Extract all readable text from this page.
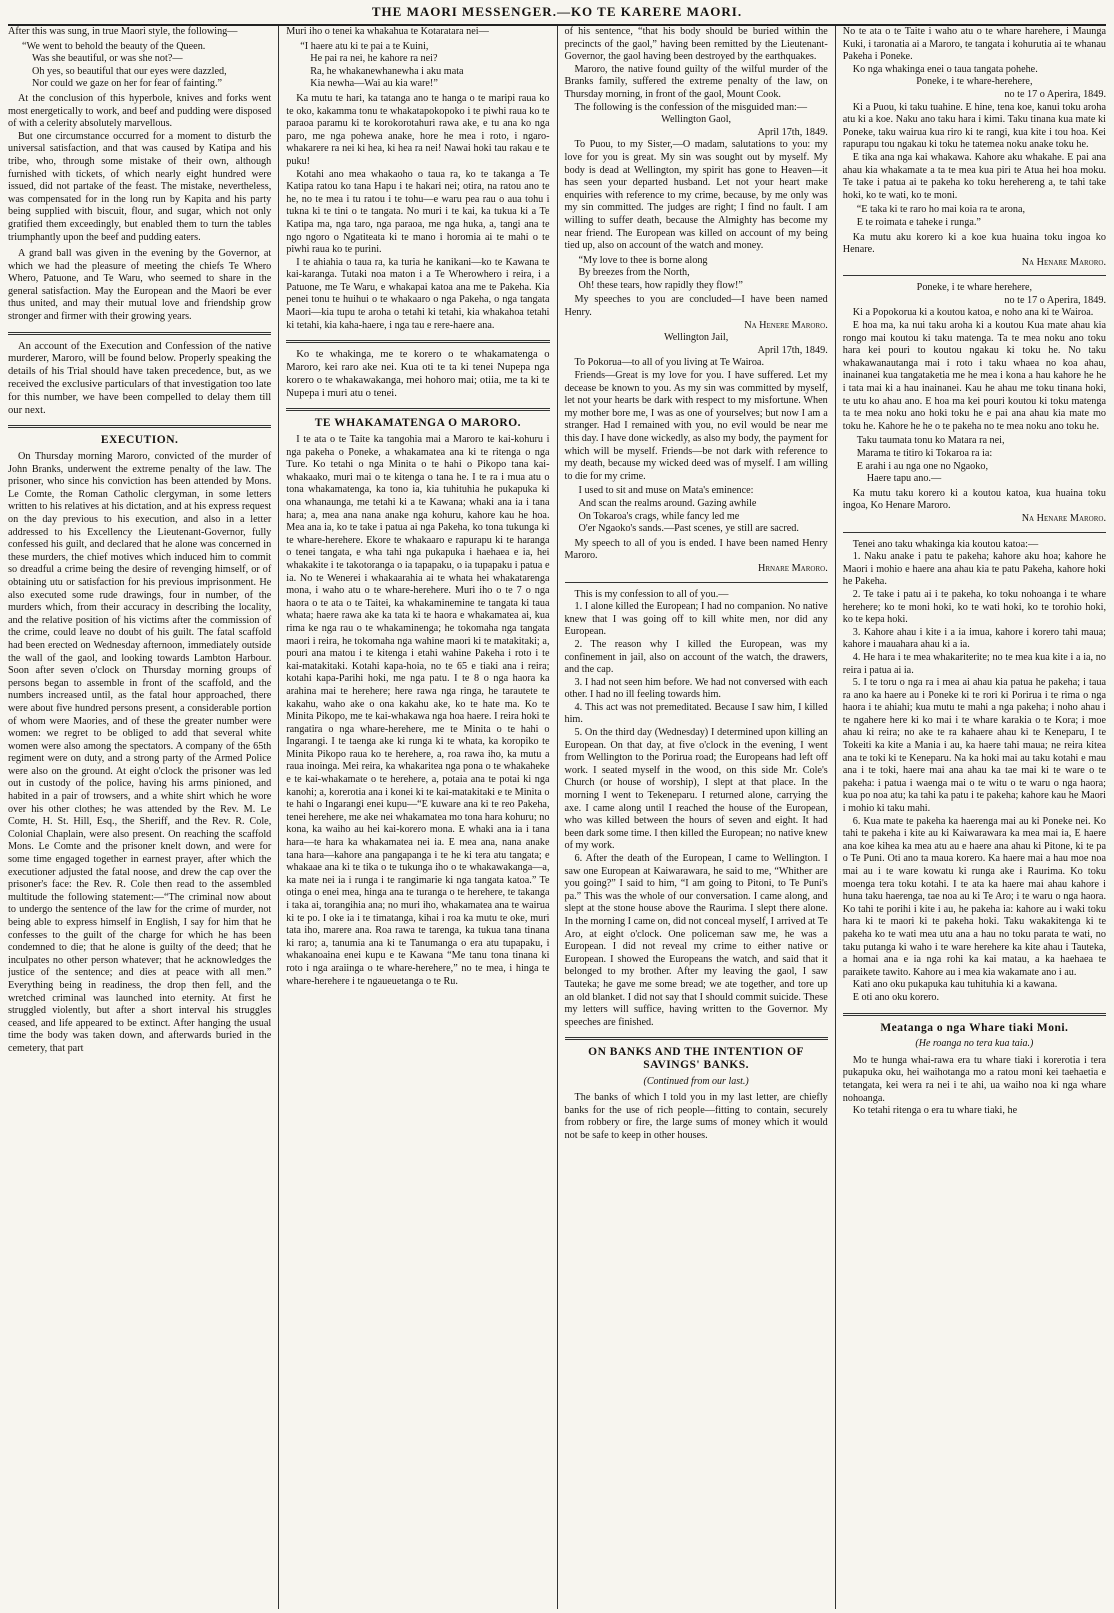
THE MAORI MESSENGER.—KO TE KARERE MAORI.

After this was sung, in true Maori style, the following—

“We went to behold the beauty of the Queen.
Was she beautiful, or was she not?—
Oh yes, so beautiful that our eyes were dazzled,
Nor could we gaze on her for fear of fainting.”

At the conclusion of this hyperbole, knives and forks went most energetically to work, and beef and pudding were disposed of with a celerity absolutely marvellous.

But one circumstance occurred for a moment to disturb the universal satisfaction, and that was caused by Katipa and his tribe, who, through some mistake of their own, although furnished with tickets, of which nearly eight hundred were issued, did not partake of the feast. The mistake, nevertheless, was compensated for in the long run by Kapita and his party being supplied with biscuit, flour, and sugar, which not only gratified them exceedingly, but enabled them to turn the tables triumphantly upon the beef and pudding eaters.

A grand ball was given in the evening by the Governor, at which we had the pleasure of meeting the chiefs Te Whero Whero, Patuone, and Te Waru, who seemed to share in the general satisfaction. May the European and the Maori be ever thus united, and may their mutual love and friendship grow stronger and firmer with their growing years.

An account of the Execution and Confession of the native murderer, Maroro, will be found below. Properly speaking the details of his Trial should have taken precedence, but, as we received the exclusive particulars of that investigation too late for this number, we have been compelled to delay them till our next.

EXECUTION.

On Thursday morning Maroro, convicted of the murder of John Branks, underwent the extreme penalty of the law. The prisoner, who since his conviction has been attended by Mons. Le Comte, the Roman Catholic clergyman, in some letters written to his relatives at his dictation, and at his express request on the day previous to his execution, and also in a letter addressed to his Excellency the Lieutenant-Governor, fully confessed his guilt, and declared that he alone was concerned in these murders, the chief motives which induced him to commit so dreadful a crime being the desire of revenging himself, or of obtaining utu or satisfaction for his previous imprisonment. He also executed some rude drawings, four in number, of the murders which, from their accuracy in describing the locality, and the relative position of his victims after the commission of the crime, could leave no doubt of his guilt. The fatal scaffold had been erected on Wednesday afternoon, immediately outside the wall of the gaol, and looking towards Lambton Harbour. Soon after seven o'clock on Thursday morning groups of persons began to assemble in front of the scaffold, and the numbers increased until, as the fatal hour approached, there were about five hundred persons present, a considerable portion of whom were Maories, and of these the greater number were women: we regret to be obliged to add that several white women were also among the spectators. A company of the 65th regiment were on duty, and a strong party of the Armed Police were also on the ground. At eight o'clock the prisoner was led out in custody of the police, having his arms pinioned, and habited in a pair of trowsers, and a white shirt which he wore over his other clothes; he was attended by the Rev. M. Le Comte, H. St. Hill, Esq., the Sheriff, and the Rev. R. Cole, Colonial Chaplain, were also present. On reaching the scaffold Mons. Le Comte and the prisoner knelt down, and were for some time engaged together in earnest prayer, after which the executioner adjusted the fatal noose, and drew the cap over the prisoner's face: the Rev. R. Cole then read to the assembled multitude the following statement:—“The criminal now about to undergo the sentence of the law for the crime of murder, not being able to express himself in English, I say for him that he confesses to the guilt of the charge for which he has been condemned to die; that he alone is guilty of the deed; that he inculpates no other person whatever; that he acknowledges the justice of the sentence; and dies at peace with all men.” Everything being in readiness, the drop then fell, and the wretched criminal was launched into eternity. At first he struggled violently, but after a short interval his struggles ceased, and life appeared to be extinct. After hanging the usual time the body was taken down, and afterwards buried in the cemetery, that part

Muri iho o tenei ka whakahua te Kotaratara nei—

“I haere atu ki te pai a te Kuini,
He pai ra nei, he kahore ra nei?
Ra, he whakanewhanewha i aku mata
Kia newha—Wai au kia ware!”

Ka mutu te hari, ka tatanga ano te hanga o te maripi raua ko te oko, kakamma tonu te whakatapokopoko i te piwhi raua ko te paraoa paramu ki te korokorotahuri rawa ake, e tu ana ko nga paro, me nga pohewa anake, hore he mea i roto, i ngaro-whakarere ra nei ki hea, ki hea ra nei! Nawai hoki tau rakau e te puku!

Kotahi ano mea whakaoho o taua ra, ko te takanga a Te Katipa ratou ko tana Hapu i te hakari nei; otira, na ratou ano te he, no te mea i tu ratou i te tohu—e waru pea rau o aua tohu i tukna ki te tini o te tangata. No muri i te kai, ka tukua ki a Te Katipa ma, nga taro, nga paraoa, me nga huka, a, tangi ana te ngo ngoro o Ngatiteata ki te mano i horomia ai te mahi o te piwhi raua ko te purini.

I te ahiahia o taua ra, ka turia he kanikani—ko te Kawana te kai-karanga. Tutaki noa maton i a Te Wherowhero i reira, i a Patuone, me Te Waru, e whakapai katoa ana me te Pakeha. Kia penei tonu te huihui o te whakaaro o nga Pakeha, o nga tangata Maori—kia tupu te aroha o tetahi ki tetahi, kia whakahoa tetahi ki tetahi, kia kaha-haere, i nga tau e rere-haere ana.

Ko te whakinga, me te korero o te whakamatenga o Maroro, kei raro ake nei. Kua oti te ta ki tenei Nupepa nga korero o te whakawakanga, mei hohoro mai; otiia, me ta ki te Nupepa i muri atu o tenei.

TE WHAKAMATENGA O MARORO.

I te ata o te Taite ka tangohia mai a Maroro te kai-kohuru i nga pakeha o Poneke, a whakamatea ana ki te ritenga o nga Ture. Ko tetahi o nga Minita o te hahi o Pikopo tana kai-whakaako, muri mai o te kitenga o tana he. I te ra i mua atu o tona whakamatenga, ka tono ia, kia tuhituhia he pukapuka ki ona whanaunga, me tetahi ki a te Kawana; whaki ana ia i tana hara; a, mea ana nana anake nga kohuru, kahore kau he hoa. Mea ana ia, ko te take i patua ai nga Pakeha, ko tona tukunga ki te whare-herehere. Ekore te whakaaro e rapurapu ki te haranga o tenei tangata, e wha tahi nga pukapuka i haehaea e ia, hei whakakite i te takotoranga o ia tapapaku, o ia tupapaku i patua e ia. No te Wenerei i whakaarahia ai te whata hei whakatarenga mona, i waho atu o te whare-herehere. Muri iho o te 7 o nga haora o te ata o te Taitei, ka whakaminemine te tangata ki taua whata; haere rawa ake ka tata ki te haora e whakamatea ai, kua rima ke nga rau o te whakaminenga; he tokomaha nga tangata maori i reira, he tokomaha nga wahine maori ki te matakitaki; a, pouri ana matou i te kitenga i etahi wahine Pakeha i roto i te kai-matakitaki. Kotahi kapa-hoia, no te 65 e tiaki ana i reira; kotahi kapa-Parihi hoki, me nga patu. I te 8 o nga haora ka arahina mai te herehere; here rawa nga ringa, he tarautete te kakahu, waho ake o ona kakahu ake, ko te hate ma. Ko te Minita Pikopo, me te kai-whakawa nga hoa haere. I reira hoki te rangatira o nga whare-herehere, me te Minita o te hahi o Ingarangi. I te taenga ake ki runga ki te whata, ka koropiko te Minita Pikopo raua ko te herehere, a, roa rawa iho, ka mutu a raua inoinga. Mei reira, ka whakaritea nga pona o te whakaheke e te kai-whakamate o te herehere, a, potaia ana te potai ki nga kanohi; a, korerotia ana i konei ki te kai-matakitaki e te Minita o te hahi o Ingarangi enei kupu—“E kuware ana ki te reo Pakeha, tenei herehere, me ake nei whakamatea mo tona hara kohuru; no kona, ka waiho au hei kai-korero mona. E whaki ana ia i tana hara—te hara ka whakamatea nei ia. E mea ana, nana anake tana hara—kahore ana pangapanga i te he ki tera atu tangata; e whakaae ana ki te tika o te tukunga iho o te whakawakanga—a, ka mate nei ia i runga i te rangimarie ki nga tangata katoa.” Te otinga o enei mea, hinga ana te turanga o te herehere, te takanga i taka ai, torangihia ana; no muri iho, whakamatea ana te wairua ki te po. I oke ia i te timatanga, kihai i roa ka mutu te oke, muri tata iho, marere ana. Roa rawa te tarenga, ka tukua tana tinana ki raro; a, tanumia ana ki te Tanumanga o era atu tupapaku, i whakanoaina enei kupu e te Kawana “Me tanu tona tinana ki roto i nga araiinga o te whare-herehere,” no te mea, i hinga te whare-herehere i te ngaueuetanga o te Ru.

of his sentence, “that his body should be buried within the precincts of the gaol,” having been remitted by the Lieutenant-Governor, the gaol having been destroyed by the earthquakes.

Maroro, the native found guilty of the wilful murder of the Branks family, suffered the extreme penalty of the law, on Thursday morning, in front of the gaol, Mount Cook.

The following is the confession of the misguided man:—

Wellington Gaol,

April 17th, 1849.

To Puou, to my Sister,—O madam, salutations to you: my love for you is great. My sin was sought out by myself. My body is dead at Wellington, my spirit has gone to Heaven—it has seen your departed husband. Let not your heart make enquiries with reference to my crime, because, by me only was my sin committed. The judges are right; I find no fault. I am willing to suffer death, because the Almighty has become my near friend. The European was killed on account of my being tied up, also on account of the watch and money.

“My love to thee is borne along
By breezes from the North,
Oh! these tears, how rapidly they flow!”

My speeches to you are concluded—I have been named Henry.

Na Henere Maroro.

Wellington Jail,

April 17th, 1849.

To Pokorua—to all of you living at Te Wairoa.

Friends—Great is my love for you. I have suffered. Let my decease be known to you. As my sin was committed by myself, let not your hearts be dark with respect to my misfortune. When my mother bore me, I was as one of yourselves; but now I am a stranger. Had I remained with you, no evil would be near me this day. I have done wickedly, as also my body, the payment for which will be myself. Friends—be not dark with reference to my death, because my wicked deed was of myself. I am willing to die for my crime.

I used to sit and muse on Mata's eminence:
And scan the realms around. Gazing awhile
On Tokaroa's crags, while fancy led me
O'er Ngaoko's sands.—Past scenes, ye still are sacred.

My speech to all of you is ended. I have been named Henry Maroro.

Hrnare Maroro.

This is my confession to all of you.—

1. I alone killed the European; I had no companion. No native knew that I was going off to kill white men, nor did any European.

2. The reason why I killed the European, was my confinement in jail, also on account of the watch, the drawers, and the cap.

3. I had not seen him before. We had not conversed with each other. I had no ill feeling towards him.

4. This act was not premeditated. Because I saw him, I killed him.

5. On the third day (Wednesday) I determined upon killing an European. On that day, at five o'clock in the evening, I went from Wellington to the Porirua road; the Europeans had left off work. I seated myself in the wood, on this side Mr. Cole's Church (or house of worship), I slept at that place. In the morning I went to Tekeneparu. I returned alone, carrying the axe. I came along until I reached the house of the European, who was killed between the hours of seven and eight. It had been dark some time. I then killed the European; no native knew of my work.

6. After the death of the European, I came to Wellington. I saw one European at Kaiwarawara, he said to me, “Whither are you going?” I said to him, “I am going to Pitoni, to Te Puni's pa.” This was the whole of our conversation. I came along, and slept at the stone house above the Raurima. I slept there alone. In the morning I came on, did not conceal myself, I arrived at Te Aro, at eight o'clock. One policeman saw me, he was a European. I did not reveal my crime to either native or European. I showed the Europeans the watch, and said that it belonged to my brother. After my leaving the gaol, I saw Tauteka; he gave me some bread; we ate together, and tore up an old blanket. I did not say that I should commit suicide. These my letters will suffice, having written to the Governor. My speeches are finished.

ON BANKS AND THE INTENTION OF SAVINGS' BANKS.
(Continued from our last.)

The banks of which I told you in my last letter, are chiefly banks for the use of rich people—fitting to contain, securely from robbery or fire, the large sums of money which it would not be safe to keep in other houses.

No te ata o te Taite i waho atu o te whare harehere, i Maunga Kuki, i taronatia ai a Maroro, te tangata i kohurutia ai te whanau Pakeha i Poneke.

Ko nga whakinga enei o taua tangata pohehe.

Poneke, i te whare-herehere,

no te 17 o Aperira, 1849.

Ki a Puou, ki taku tuahine. E hine, tena koe, kanui toku aroha atu ki a koe. Naku ano taku hara i kimi. Taku tinana kua mate ki Poneke, taku wairua kua riro ki te rangi, kua kite i tou hoa. Kei rapurapu tou ngakau ki toku he tatemea noku anake toku he.

E tika ana nga kai whakawa. Kahore aku whakahe. E pai ana ahau kia whakamate a ta te mea kua piri te Atua hei hoa moku. Te take i patua ai te pakeha ko toku herehereng a, te tahi take hoki, ko te wati, ko te moni.

“E taka ki te raro ho mai koia ra te arona,
E te roimata e taheke i runga.”

Ka mutu aku korero ki a koe kua huaina toku ingoa ko Henare.

Na Henare Maroro.

Poneke, i te whare herehere,

no te 17 o Aperira, 1849.

Ki a Popokorua ki a koutou katoa, e noho ana ki te Wairoa.

E hoa ma, ka nui taku aroha ki a koutou Kua mate ahau kia rongo mai koutou ki taku matenga. Ta te mea noku ano toku hara kei pouri to koutou ngakau ki toku he. No taku whakawanautanga mai i roto i taku whaea no koa ahau, inainanei kua tangataketia me he mea i kona a hau kahore he he i tata mai ki a hau inainanei. Kau he ahau me toku tinana hoki, te utu ko ahau ano. E hoa ma kei pouri koutou ki toku matenga ta te mea noku ano hoki toku he e pai ana ahau kia mate mo toku he. Kahore he he o te pakeha no te mea noku ano toku he.

Taku taumata tonu ko Matara ra nei,
Marama te titiro ki Tokaroa ra ia:
E arahi i au nga one no Ngaoko,
Haere tapu ano.—

Ka mutu taku korero ki a koutou katoa, kua huaina toku ingoa, Ko Henare Maroro.

Na Henare Maroro.

Tenei ano taku whakinga kia koutou katoa:—

1. Naku anake i patu te pakeha; kahore aku hoa; kahore he Maori i mohio e haere ana ahau kia te patu Pakeha, kahore hoki he Pakeha.

2. Te take i patu ai i te pakeha, ko toku nohoanga i te whare herehere; ko te moni hoki, ko te wati hoki, ko te torohio hoki, ko te kepa hoki.

3. Kahore ahau i kite i a ia imua, kahore i korero tahi maua; kahore i mauahara ahau ki a ia.

4. He hara i te mea whakariterite; no te mea kua kite i a ia, no reira i patua ai ia.

5. I te toru o nga ra i mea ai ahau kia patua he pakeha; i taua ra ano ka haere au i Poneke ki te rori ki Porirua i te rima o nga haora i te ahiahi; kua mutu te mahi a nga pakeha; i noho ahau i te ngahere here ki ko mai i te whare karakia o te Kora; i moe ahau ki reira; no ake te ra kahaere ahau ki te Keneparu, I te Tokeiti ka kite a Mania i au, ka haere tahi maua; ne reira kitea ana te toki ki te Keneparu. Na ka hoki mai au taku kotahi e mau ana i te toki, haere mai ana ahau ka tae mai ki te ware o te pakeha: i patua i waenga mai o te witu o te waru o nga haora; kua po noa atu; ka tahi ka patu i te pakeha; kahore kau he Maori i mohio ki taku mahi.

6. Kua mate te pakeha ka haerenga mai au ki Poneke nei. Ko tahi te pakeha i kite au ki Kaiwarawara ka mea mai ia, E haere ana koe kihea ka mea atu au e haere ana ahau ki Pitone, ki te pa o Te Puni. Oti ano ta maua korero. Ka haere mai a hau moe noa mai au i te ware kowatu ki runga ake i Raurima. Ko toku moenga tera toku kotahi. I te ata ka haere mai ahau kahore i huna taku haerenga, tae noa au ki Te Aro; i te waru o nga haora. Ko tahi te porihi i kite i au, he pakeha ia: kahore au i waki toku hara ki te maori ki te pakeha hoki. Taku wakakitenga ki te pakeha ko te wati mea utu ana a hau no toku parata te wati, no taku putanga ki waho i te ware herehere ka kite ahau i Tauteka, a homai ana e ia nga rohi ka kai matau, a ka haehaea te paraikete tawito. Kahore au i mea kia wakamate ano i au.

Kati ano oku pukapuka kau tuhituhia ki a kawana.

E oti ano oku korero.

Meatanga o nga Whare tiaki Moni.
(He roanga no tera kua taia.)

Mo te hunga whai-rawa era tu whare tiaki i korerotia i tera pukapuka oku, hei waihotanga mo a ratou moni kei taehaetia e tetangata, kei wera ra nei i te ahi, ua waiho noa ki nga whare nohoanga.

Ko tetahi ritenga o era tu whare tiaki, he
